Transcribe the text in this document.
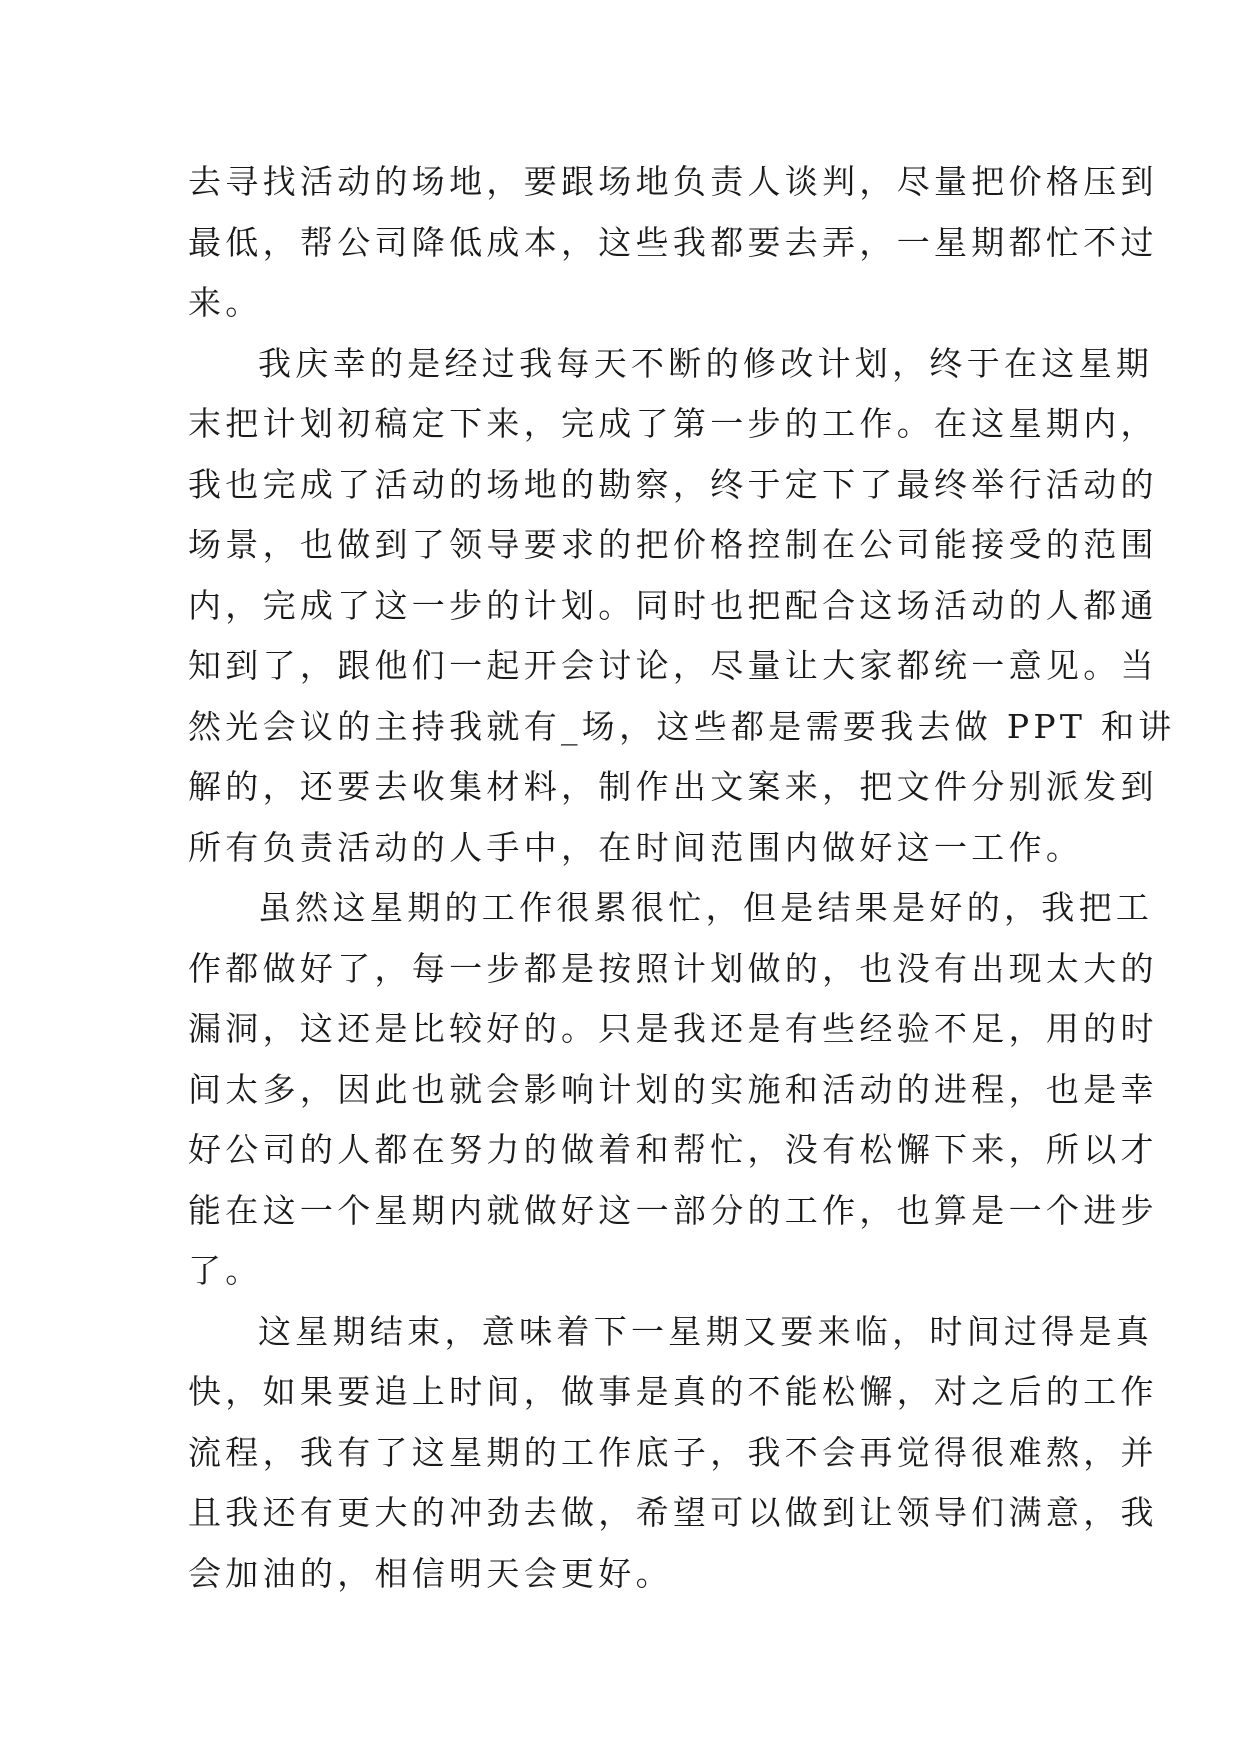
去寻找活动的场地，要跟场地负责人谈判，尽量把价格压到
最低，帮公司降低成本，这些我都要去弄，一星期都忙不过
来。
我庆幸的是经过我每天不断的修改计划，终于在这星期
末把计划初稿定下来，完成了第一步的工作。在这星期内，
我也完成了活动的场地的勘察，终于定下了最终举行活动的
场景，也做到了领导要求的把价格控制在公司能接受的范围
内，完成了这一步的计划。同时也把配合这场活动的人都通
知到了，跟他们一起开会讨论，尽量让大家都统一意见。当
然光会议的主持我就有_场，这些都是需要我去做 PPT 和讲
解的，还要去收集材料，制作出文案来，把文件分别派发到
所有负责活动的人手中，在时间范围内做好这一工作。
虽然这星期的工作很累很忙，但是结果是好的，我把工
作都做好了，每一步都是按照计划做的，也没有出现太大的
漏洞，这还是比较好的。只是我还是有些经验不足，用的时
间太多，因此也就会影响计划的实施和活动的进程，也是幸
好公司的人都在努力的做着和帮忙，没有松懈下来，所以才
能在这一个星期内就做好这一部分的工作，也算是一个进步
了。
这星期结束，意味着下一星期又要来临，时间过得是真
快，如果要追上时间，做事是真的不能松懈，对之后的工作
流程，我有了这星期的工作底子，我不会再觉得很难熬，并
且我还有更大的冲劲去做，希望可以做到让领导们满意，我
会加油的，相信明天会更好。
